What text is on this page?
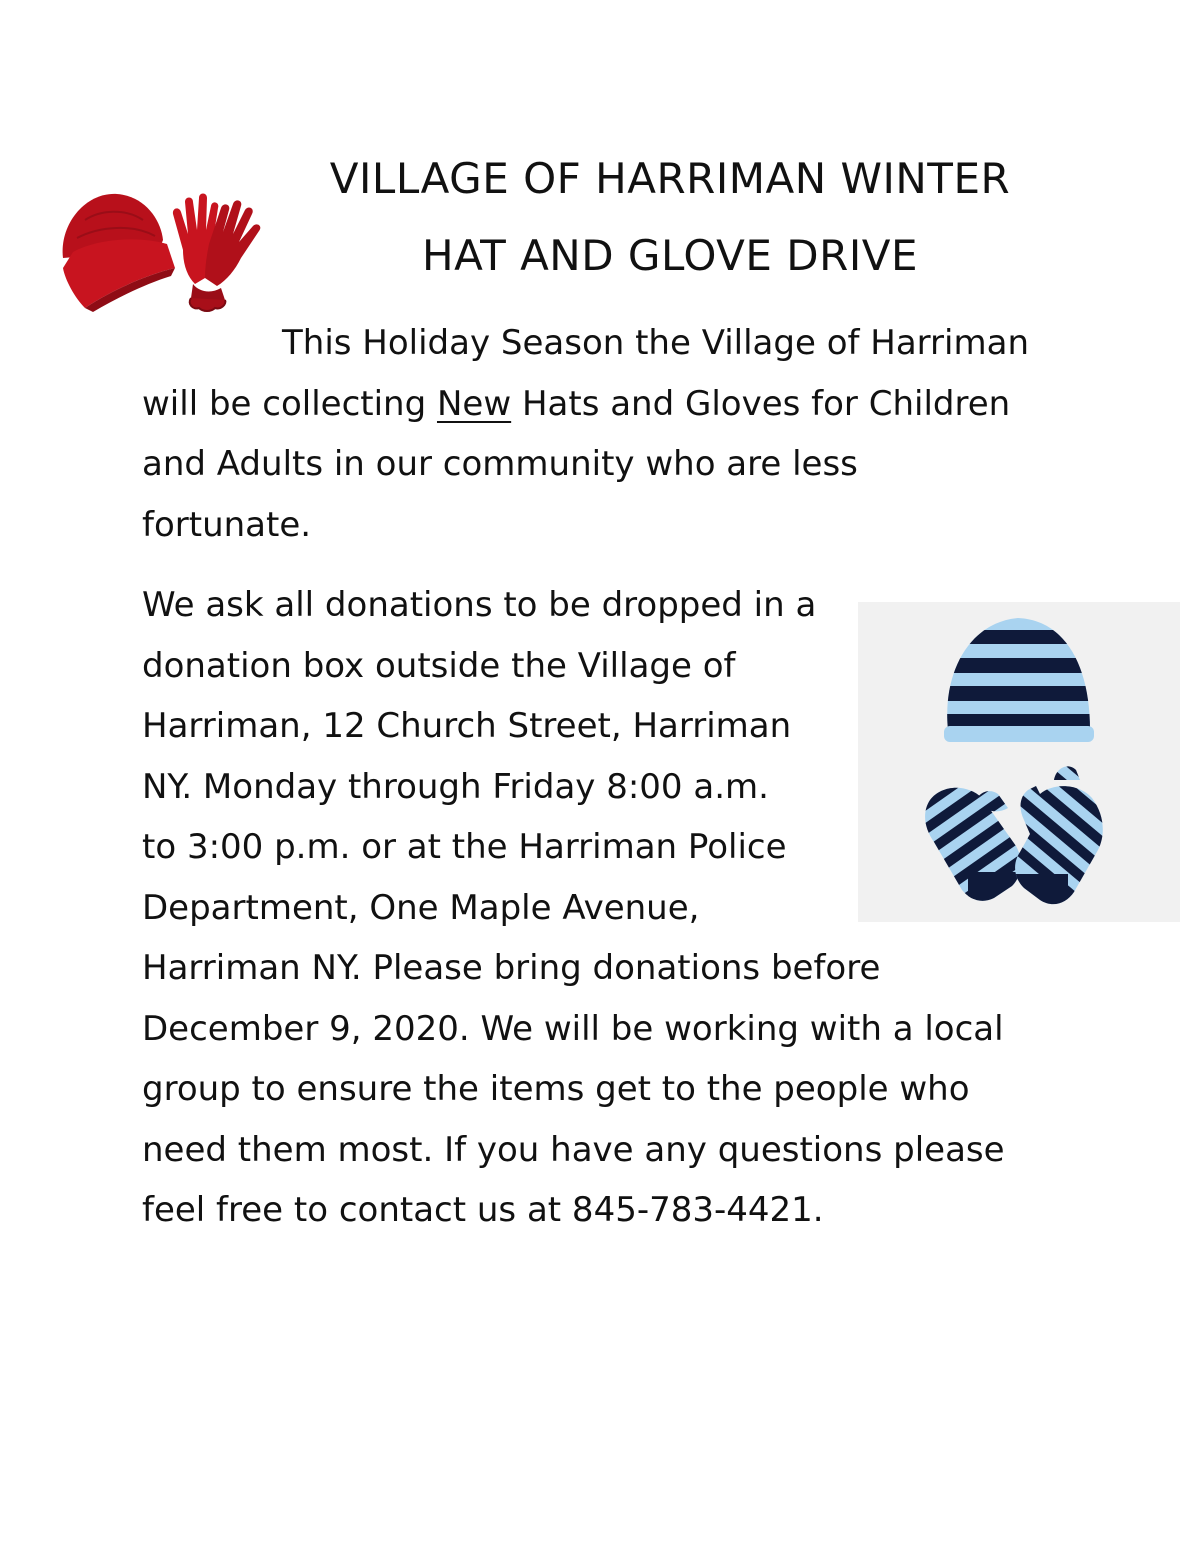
VILLAGE OF HARRIMAN WINTER
HAT AND GLOVE DRIVE

This Holiday Season the Village of Harriman
will be collecting New Hats and Gloves for Children
and Adults in our community who are less
fortunate.

We ask all donations to be dropped in a
donation box outside the Village of
Harriman, 12 Church Street, Harriman
NY. Monday through Friday 8:00 a.m.
to 3:00 p.m. or at the Harriman Police
Department, One Maple Avenue,
Harriman NY. Please bring donations before
December 9, 2020. We will be working with a local
group to ensure the items get to the people who
need them most. If you have any questions please
feel free to contact us at 845-783-4421.
